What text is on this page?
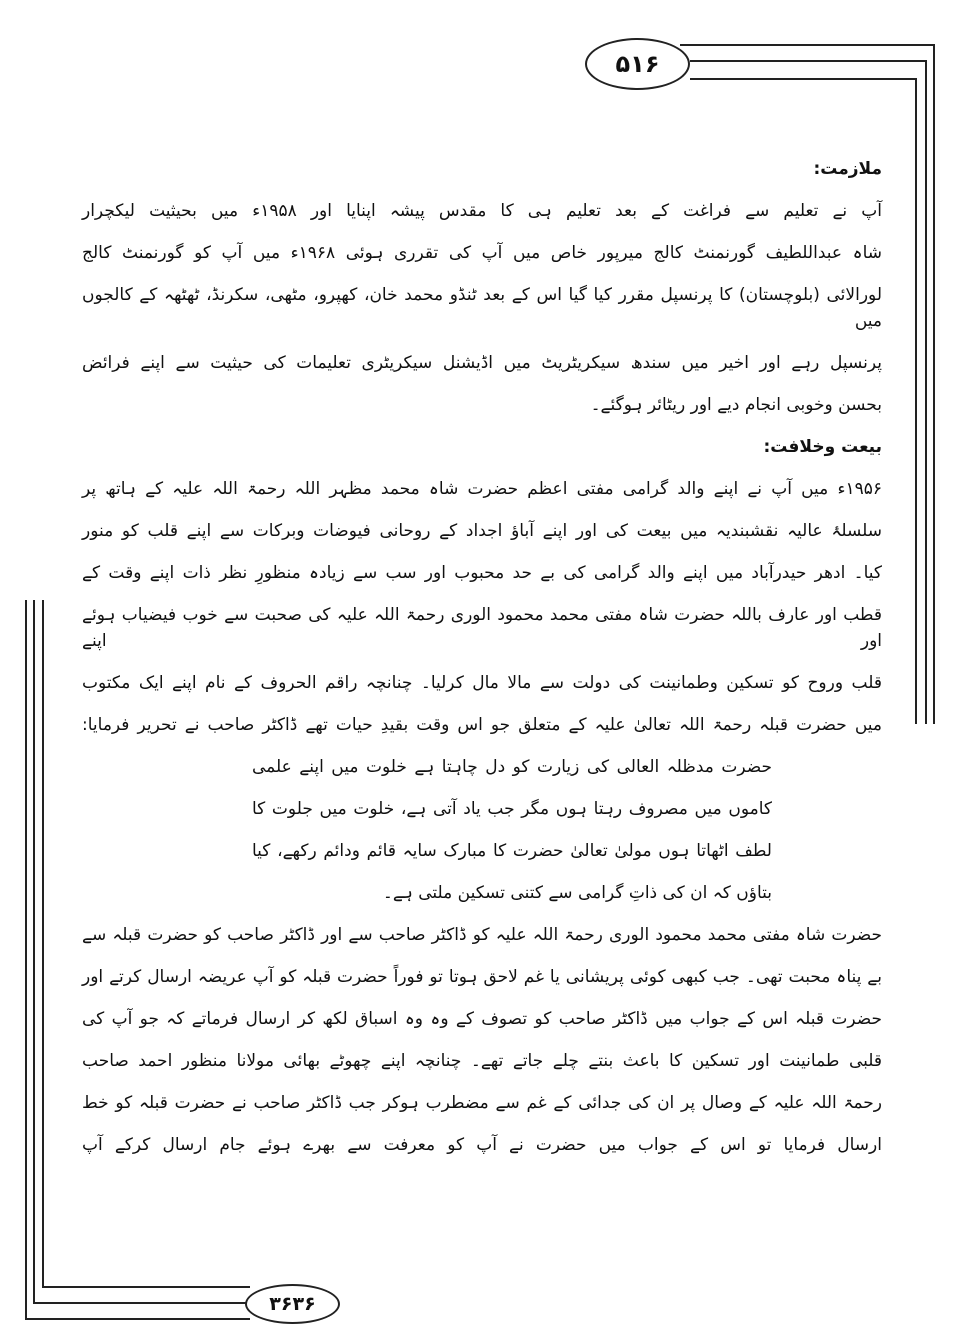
۵۱۶
۳۶۳۶
ملازمت:
آپ نے تعلیم سے فراغت کے بعد تعلیم ہی کا مقدس پیشہ اپنایا اور ۱۹۵۸ء میں بحیثیت لیکچرار
شاہ عبداللطیف گورنمنٹ کالج میرپور خاص میں آپ کی تقرری ہوئی ۱۹۶۸ء میں آپ کو گورنمنٹ کالج
لورالائی (بلوچستان) کا پرنسپل مقرر کیا گیا اس کے بعد ٹنڈو محمد خان، کھپرو، مٹھی، سکرنڈ، ٹھٹھہ کے کالجوں میں
پرنسپل رہے اور اخیر میں سندھ سیکریٹریٹ میں اڈیشنل سیکریٹری تعلیمات کی حیثیت سے اپنے فرائض
بحسن وخوبی انجام دیے اور ریٹائر ہوگئے۔
بیعت وخلافت:
۱۹۵۶ء میں آپ نے اپنے والد گرامی مفتی اعظم حضرت شاہ محمد مظہر اللہ رحمۃ اللہ علیہ کے ہاتھ پر
سلسلۂ عالیہ نقشبندیہ میں بیعت کی اور اپنے آباؤ اجداد کے روحانی فیوضات وبرکات سے اپنے قلب کو منور
کیا۔ ادھر حیدرآباد میں اپنے والد گرامی کی بے حد محبوب اور سب سے زیادہ منظورِ نظر ذات اپنے وقت کے
قطب اور عارف باللہ حضرت شاہ مفتی محمد محمود الوری رحمۃ اللہ علیہ کی صحبت سے خوب فیضیاب ہوئے اور اپنے
قلب وروح کو تسکین وطمانینت کی دولت سے مالا مال کرلیا۔ چنانچہ راقم الحروف کے نام اپنے ایک مکتوب
میں حضرت قبلہ رحمۃ اللہ تعالیٰ علیہ کے متعلق جو اس وقت بقیدِ حیات تھے ڈاکٹر صاحب نے تحریر فرمایا:
حضرت مدظلہ العالی کی زیارت کو دل چاہتا ہے خلوت میں اپنے علمی
کاموں میں مصروف رہتا ہوں مگر جب یاد آتی ہے، خلوت میں جلوت کا
لطف اٹھاتا ہوں مولیٰ تعالیٰ حضرت کا مبارک سایہ قائم ودائم رکھے، کیا
بتاؤں کہ ان کی ذاتِ گرامی سے کتنی تسکین ملتی ہے۔
حضرت شاہ مفتی محمد محمود الوری رحمۃ اللہ علیہ کو ڈاکٹر صاحب سے اور ڈاکٹر صاحب کو حضرت قبلہ سے
بے پناہ محبت تھی۔ جب کبھی کوئی پریشانی یا غم لاحق ہوتا تو فوراً حضرت قبلہ کو آپ عریضہ ارسال کرتے اور
حضرت قبلہ اس کے جواب میں ڈاکٹر صاحب کو تصوف کے وہ وہ اسباق لکھ کر ارسال فرماتے کہ جو آپ کی
قلبی طمانینت اور تسکین کا باعث بنتے چلے جاتے تھے۔ چنانچہ اپنے چھوٹے بھائی مولانا منظور احمد صاحب
رحمۃ اللہ علیہ کے وصال پر ان کی جدائی کے غم سے مضطرب ہوکر جب ڈاکٹر صاحب نے حضرت قبلہ کو خط
ارسال فرمایا تو اس کے جواب میں حضرت نے آپ کو معرفت سے بھرے ہوئے جام ارسال کرکے آپ
